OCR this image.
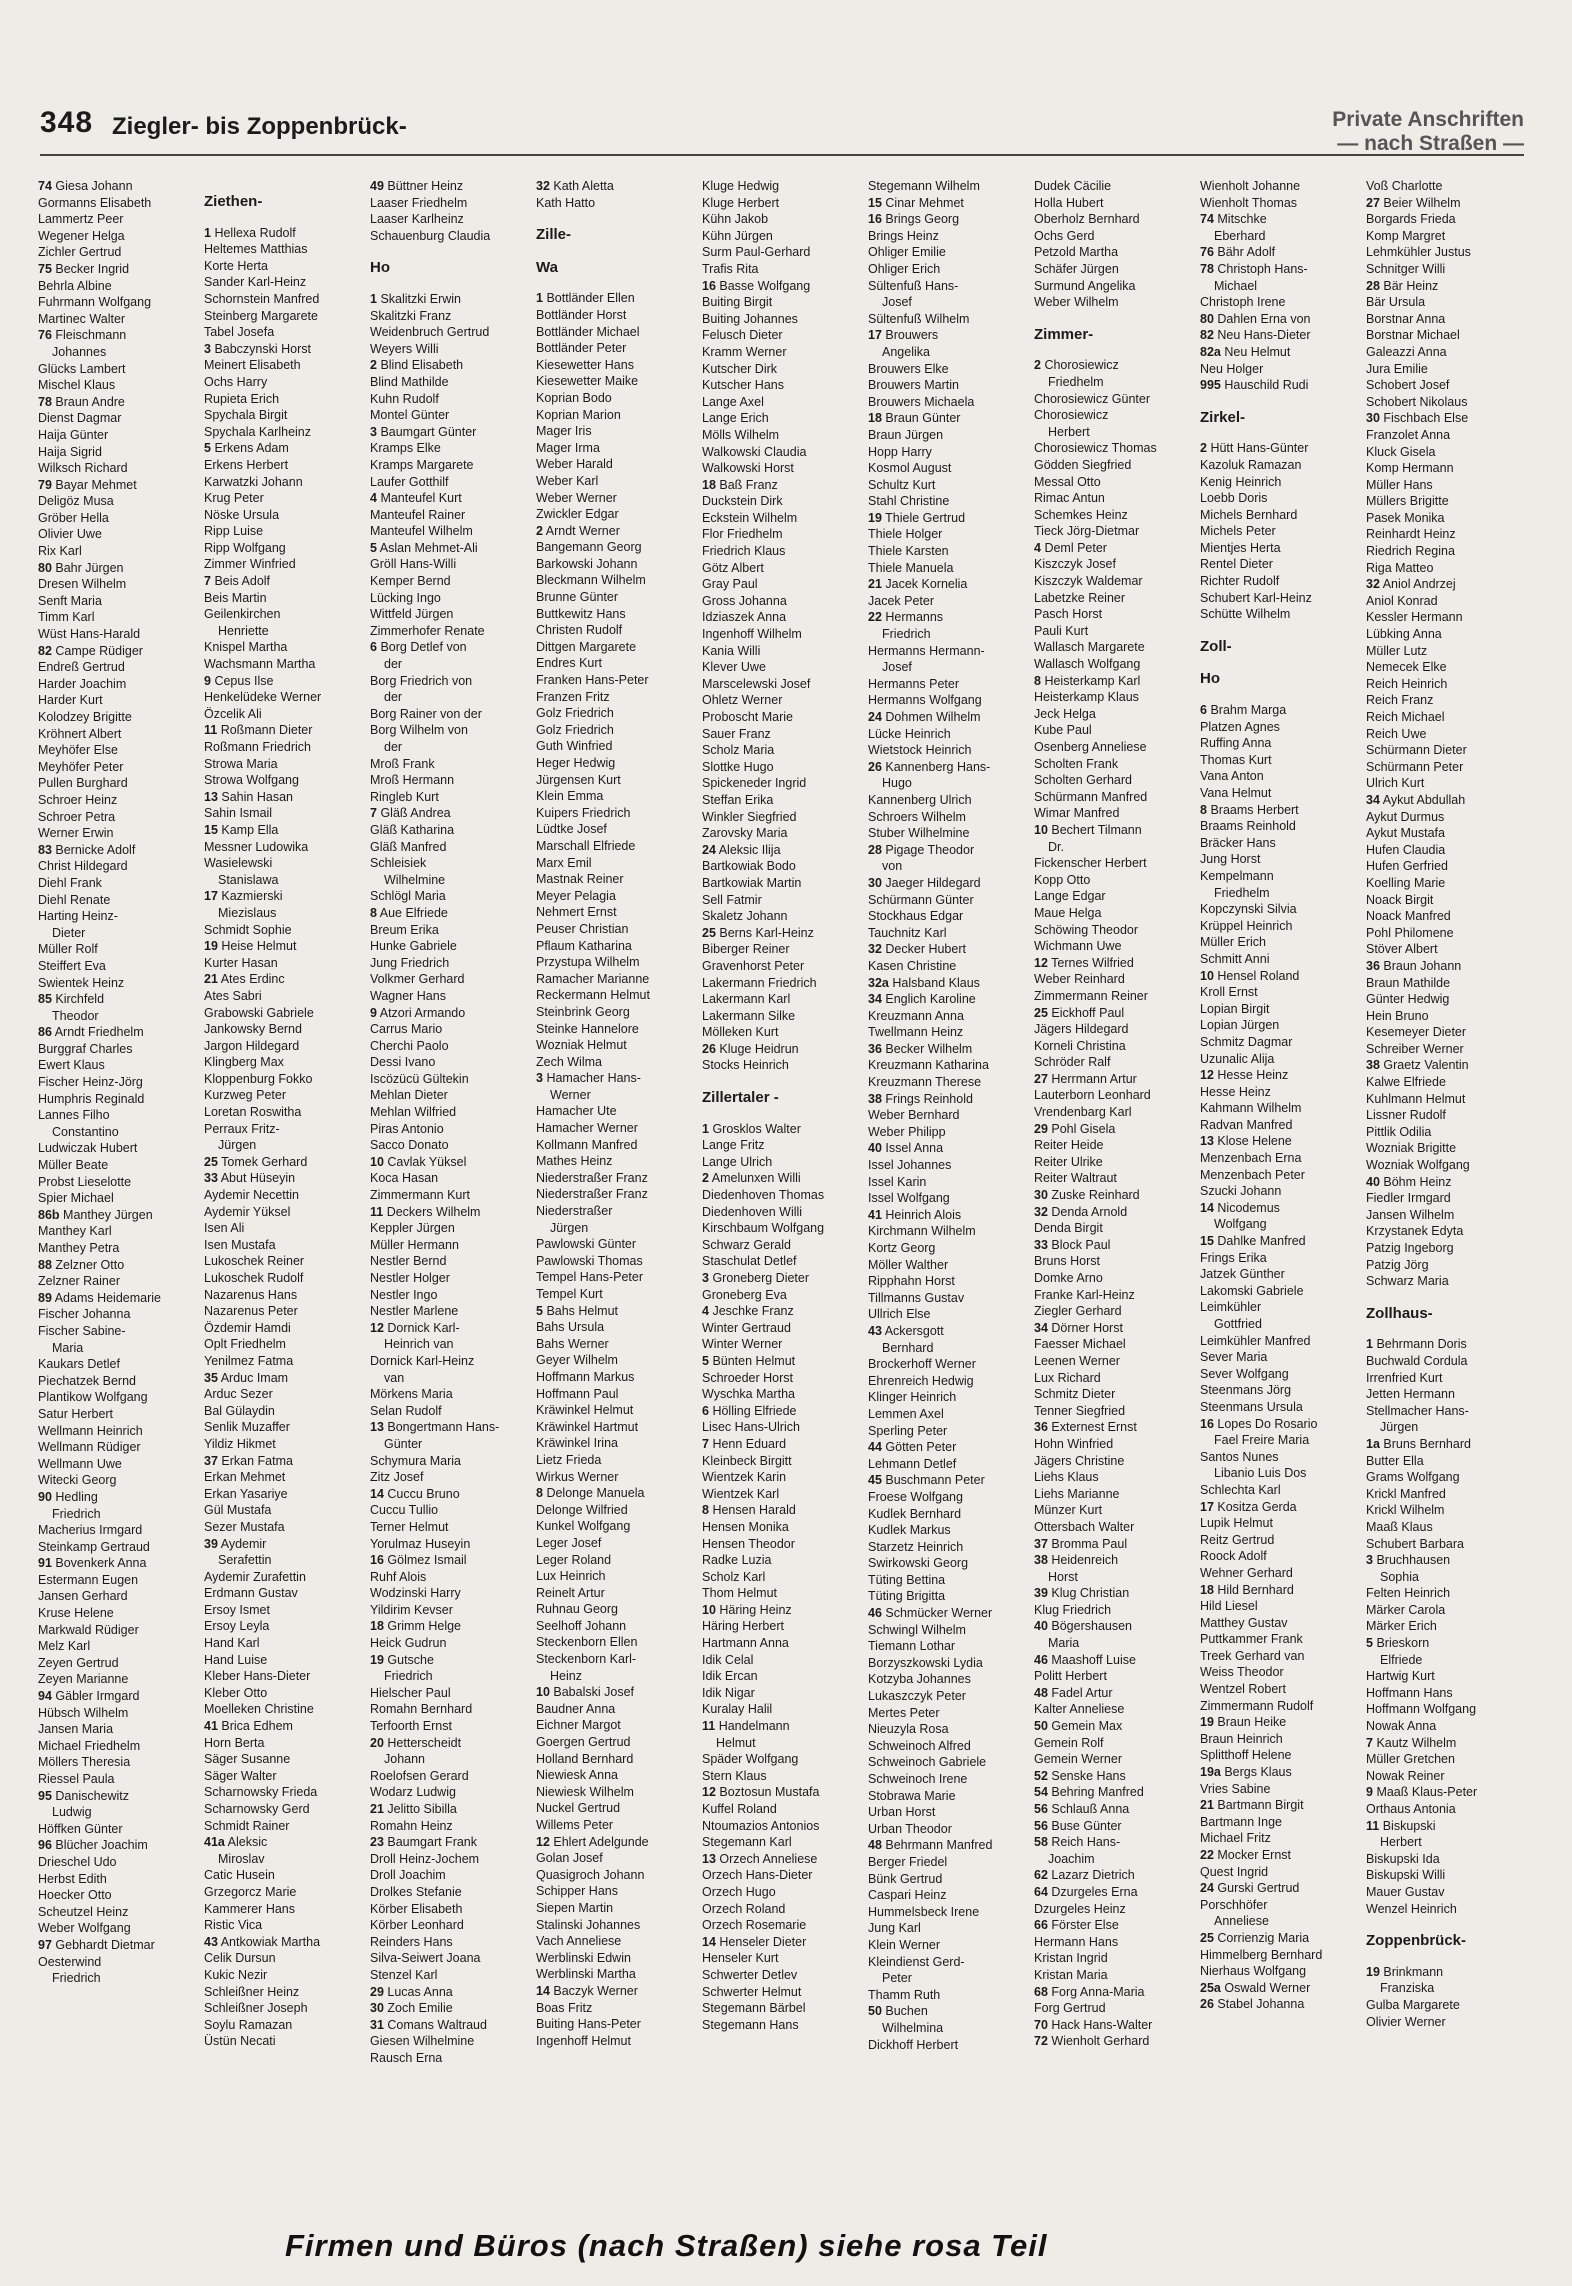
348 Ziegler- bis Zoppenbrück-	Private Anschriften
— nach Straßen —
74 Giesa Johann
Gormanns Elisabeth
Lammertz Peer
Wegener Helga
Zichler Gertrud
75 Becker Ingrid
Behrla Albine
Fuhrmann Wolfgang
Martinec Walter
76 Fleischmann
Johannes
Glücks Lambert
Mischel Klaus
78 Braun Andre
Dienst Dagmar
Haija Günter
Haija Sigrid
Wilksch Richard
79 Bayar Mehmet
Deligöz Musa
Gröber Hella
Olivier Uwe
Rix Karl
80 Bahr Jürgen
Dresen Wilhelm
Senft Maria
Timm Karl
Wüst Hans-Harald
82 Campe Rüdiger
Endreß Gertrud
Harder Joachim
Harder Kurt
Kolodzey Brigitte
Kröhnert Albert
Meyhöfer Else
Meyhöfer Peter
Pullen Burghard
Schroer Heinz
Schroer Petra
Werner Erwin
83 Bernicke Adolf
Christ Hildegard
Diehl Frank
Diehl Renate
Harting Heinz-
Dieter
Müller Rolf
Steiffert Eva
Swientek Heinz
85 Kirchfeld
Theodor
86 Arndt Friedhelm
Burggraf Charles
Ewert Klaus
Fischer Heinz-Jörg
Humphris Reginald
Lannes Filho
Constantino
Ludwiczak Hubert
Müller Beate
Probst Lieselotte
Spier Michael
86b Manthey Jürgen
Manthey Karl
Manthey Petra
88 Zelzner Otto
Zelzner Rainer
89 Adams Heidemarie
Fischer Johanna
Fischer Sabine-
Maria
Kaukars Detlef
Piechatzek Bernd
Plantikow Wolfgang
Satur Herbert
Wellmann Heinrich
Wellmann Rüdiger
Wellmann Uwe
Witecki Georg
90 Hedling
Friedrich
Macherius Irmgard
Steinkamp Gertraud
91 Bovenkerk Anna
Estermann Eugen
Jansen Gerhard
Kruse Helene
Markwald Rüdiger
Melz Karl
Zeyen Gertrud
Zeyen Marianne
94 Gäbler Irmgard
Hübsch Wilhelm
Jansen Maria
Michael Friedhelm
Möllers Theresia
Riessel Paula
95 Danischewitz
Ludwig
Höffken Günter
96 Blücher Joachim
Drieschel Udo
Herbst Edith
Hoecker Otto
Scheutzel Heinz
Weber Wolfgang
97 Gebhardt Dietmar
Oesterwind
Friedrich
Ziethen-
1 Hellexa Rudolf
Heltemes Matthias
Korte Herta
Sander Karl-Heinz
Schornstein Manfred
Steinberg Margarete
Tabel Josefa
3 Babczynski Horst
Meinert Elisabeth
Ochs Harry
Rupieta Erich
Spychala Birgit
Spychala Karlheinz
5 Erkens Adam
Erkens Herbert
Karwatzki Johann
Krug Peter
Nöske Ursula
Ripp Luise
Ripp Wolfgang
Zimmer Winfried
7 Beis Adolf
Beis Martin
Geilenkirchen
Henriette
Knispel Martha
Wachsmann Martha
9 Cepus Ilse
Henkelüdeke Werner
Özcelik Ali
11 Roßmann Dieter
Roßmann Friedrich
Strowa Maria
Strowa Wolfgang
13 Sahin Hasan
Sahin Ismail
15 Kamp Ella
Messner Ludowika
Wasielewski
Stanislawa
17 Kazmierski
Miezislaus
Schmidt Sophie
19 Heise Helmut
Kurter Hasan
21 Ates Erdinc
Ates Sabri
Grabowski Gabriele
Jankowsky Bernd
Jargon Hildegard
Klingberg Max
Kloppenburg Fokko
Kurzweg Peter
Loretan Roswitha
Perraux Fritz-
Jürgen
25 Tomek Gerhard
33 Abut Hüseyin
Aydemir Necettin
Aydemir Yüksel
Isen Ali
Isen Mustafa
Lukoschek Reiner
Lukoschek Rudolf
Nazarenus Hans
Nazarenus Peter
Özdemir Hamdi
Oplt Friedhelm
Yenilmez Fatma
35 Arduc Imam
Arduc Sezer
Bal Gülaydin
Senlik Muzaffer
Yildiz Hikmet
37 Erkan Fatma
Erkan Mehmet
Erkan Yasariye
Gül Mustafa
Sezer Mustafa
39 Aydemir
Serafettin
Aydemir Zurafettin
Erdmann Gustav
Ersoy Ismet
Ersoy Leyla
Hand Karl
Hand Luise
Kleber Hans-Dieter
Kleber Otto
Moelleken Christine
41 Brica Edhem
Horn Berta
Säger Susanne
Säger Walter
Scharnowsky Frieda
Scharnowsky Gerd
Schmidt Rainer
41a Aleksic
Miroslav
Catic Husein
Grzegorcz Marie
Kammerer Hans
Ristic Vica
43 Antkowiak Martha
Celik Dursun
Kukic Nezir
Schleißner Heinz
Schleißner Joseph
Soylu Ramazan
Üstün Necati
49 Büttner Heinz
Laaser Friedhelm
Laaser Karlheinz
Schauenburg Claudia
Ho
1 Skalitzki Erwin
Skalitzki Franz
Weidenbruch Gertrud
Weyers Willi
2 Blind Elisabeth
Blind Mathilde
Kuhn Rudolf
Montel Günter
3 Baumgart Günter
Kramps Elke
Kramps Margarete
Laufer Gotthilf
4 Manteufel Kurt
Manteufel Rainer
Manteufel Wilhelm
5 Aslan Mehmet-Ali
Gröll Hans-Willi
Kemper Bernd
Lücking Ingo
Wittfeld Jürgen
Zimmerhofer Renate
6 Borg Detlef von
der
Borg Friedrich von
der
Borg Rainer von der
Borg Wilhelm von
der
Mroß Frank
Mroß Hermann
Ringleb Kurt
7 Gläß Andrea
Gläß Katharina
Gläß Manfred
Schleisiek
Wilhelmine
Schlögl Maria
8 Aue Elfriede
Breum Erika
Hunke Gabriele
Jung Friedrich
Volkmer Gerhard
Wagner Hans
9 Atzori Armando
Carrus Mario
Cherchi Paolo
Dessi Ivano
Iscözücü Gültekin
Mehlan Dieter
Mehlan Wilfried
Piras Antonio
Sacco Donato
10 Cavlak Yüksel
Koca Hasan
Zimmermann Kurt
11 Deckers Wilhelm
Keppler Jürgen
Müller Hermann
Nestler Bernd
Nestler Holger
Nestler Ingo
Nestler Marlene
12 Dornick Karl-
Heinrich van
Dornick Karl-Heinz
van
Mörkens Maria
Selan Rudolf
13 Bongertmann Hans-
Günter
Schymura Maria
Zitz Josef
14 Cuccu Bruno
Cuccu Tullio
Terner Helmut
Yorulmaz Huseyin
16 Gölmez Ismail
Ruhf Alois
Wodzinski Harry
Yildirim Kevser
18 Grimm Helge
Heick Gudrun
19 Gutsche
Friedrich
Hielscher Paul
Romahn Bernhard
Terfoorth Ernst
20 Hetterscheidt
Johann
Roelofsen Gerard
Wodarz Ludwig
21 Jelitto Sibilla
Romahn Heinz
23 Baumgart Frank
Droll Heinz-Jochem
Droll Joachim
Drolkes Stefanie
Körber Elisabeth
Körber Leonhard
Reinders Hans
Silva-Seiwert Joana
Stenzel Karl
29 Lucas Anna
30 Zoch Emilie
31 Comans Waltraud
Giesen Wilhelmine
Rausch Erna
32 Kath Aletta
Kath Hatto
Zille-
Wa
1 Bottländer Ellen
Bottländer Horst
Bottländer Michael
Bottländer Peter
Kiesewetter Hans
Kiesewetter Maike
Koprian Bodo
Koprian Marion
Mager Iris
Mager Irma
Weber Harald
Weber Karl
Weber Werner
Zwickler Edgar
2 Arndt Werner
Bangemann Georg
Barkowski Johann
Bleckmann Wilhelm
Brunne Günter
Buttkewitz Hans
Christen Rudolf
Dittgen Margarete
Endres Kurt
Franken Hans-Peter
Franzen Fritz
Golz Friedrich
Golz Friedrich
Guth Winfried
Heger Hedwig
Jürgensen Kurt
Klein Emma
Kuipers Friedrich
Lüdtke Josef
Marschall Elfriede
Marx Emil
Mastnak Reiner
Meyer Pelagia
Nehmert Ernst
Peuser Christian
Pflaum Katharina
Przystupa Wilhelm
Ramacher Marianne
Reckermann Helmut
Steinbrink Georg
Steinke Hannelore
Wozniak Helmut
Zech Wilma
3 Hamacher Hans-
Werner
Hamacher Ute
Hamacher Werner
Kollmann Manfred
Mathes Heinz
Niederstraßer Franz
Niederstraßer Franz
Niederstraßer
Jürgen
Pawlowski Günter
Pawlowski Thomas
Tempel Hans-Peter
Tempel Kurt
5 Bahs Helmut
Bahs Ursula
Bahs Werner
Geyer Wilhelm
Hoffmann Markus
Hoffmann Paul
Kräwinkel Helmut
Kräwinkel Hartmut
Kräwinkel Irina
Lietz Frieda
Wirkus Werner
8 Delonge Manuela
Delonge Wilfried
Kunkel Wolfgang
Leger Josef
Leger Roland
Lux Heinrich
Reinelt Artur
Ruhnau Georg
Seelhoff Johann
Steckenborn Ellen
Steckenborn Karl-
Heinz
10 Babalski Josef
Baudner Anna
Eichner Margot
Goergen Gertrud
Holland Bernhard
Niewiesk Anna
Niewiesk Wilhelm
Nuckel Gertrud
Willems Peter
12 Ehlert Adelgunde
Golan Josef
Quasigroch Johann
Schipper Hans
Siepen Martin
Stalinski Johannes
Vach Anneliese
Werblinski Edwin
Werblinski Martha
14 Baczyk Werner
Boas Fritz
Buiting Hans-Peter
Ingenhoff Helmut
Kluge Hedwig
Kluge Herbert
Kühn Jakob
Kühn Jürgen
Surm Paul-Gerhard
Trafis Rita
16 Basse Wolfgang
Buiting Birgit
Buiting Johannes
Felusch Dieter
Kramm Werner
Kutscher Dirk
Kutscher Hans
Lange Axel
Lange Erich
Mölls Wilhelm
Walkowski Claudia
Walkowski Horst
18 Baß Franz
Duckstein Dirk
Eckstein Wilhelm
Flor Friedhelm
Friedrich Klaus
Götz Albert
Gray Paul
Gross Johanna
Idziaszek Anna
Ingenhoff Wilhelm
Kania Willi
Klever Uwe
Marscelewski Josef
Ohletz Werner
Proboscht Marie
Sauer Franz
Scholz Maria
Slottke Hugo
Spickeneder Ingrid
Steffan Erika
Winkler Siegfried
Zarovsky Maria
24 Aleksic Ilija
Bartkowiak Bodo
Bartkowiak Martin
Sell Fatmir
Skaletz Johann
25 Berns Karl-Heinz
Biberger Reiner
Gravenhorst Peter
Lakermann Friedrich
Lakermann Karl
Lakermann Silke
Mölleken Kurt
26 Kluge Heidrun
Stocks Heinrich
Zillertaler -
1 Grosklos Walter
Lange Fritz
Lange Ulrich
2 Amelunxen Willi
Diedenhoven Thomas
Diedenhoven Willi
Kirschbaum Wolfgang
Schwarz Gerald
Staschulat Detlef
3 Groneberg Dieter
Groneberg Eva
4 Jeschke Franz
Winter Gertraud
Winter Werner
5 Bünten Helmut
Schroeder Horst
Wyschka Martha
6 Hölling Elfriede
Lisec Hans-Ulrich
7 Henn Eduard
Kleinbeck Birgitt
Wientzek Karin
Wientzek Karl
8 Hensen Harald
Hensen Monika
Hensen Theodor
Radke Luzia
Scholz Karl
Thom Helmut
10 Häring Heinz
Häring Herbert
Hartmann Anna
Idik Celal
Idik Ercan
Idik Nigar
Kuralay Halil
11 Handelmann
Helmut
Späder Wolfgang
Stern Klaus
12 Boztosun Mustafa
Kuffel Roland
Ntoumazios Antonios
Stegemann Karl
13 Orzech Anneliese
Orzech Hans-Dieter
Orzech Hugo
Orzech Roland
Orzech Rosemarie
14 Henseler Dieter
Henseler Kurt
Schwerter Detlev
Schwerter Helmut
Stegemann Bärbel
Stegemann Hans
Stegemann Wilhelm
15 Cinar Mehmet
16 Brings Georg
Brings Heinz
Ohliger Emilie
Ohliger Erich
Sültenfuß Hans-
Josef
Sültenfuß Wilhelm
17 Brouwers
Angelika
Brouwers Elke
Brouwers Martin
Brouwers Michaela
18 Braun Günter
Braun Jürgen
Hopp Harry
Kosmol August
Schultz Kurt
Stahl Christine
19 Thiele Gertrud
Thiele Holger
Thiele Karsten
Thiele Manuela
21 Jacek Kornelia
Jacek Peter
22 Hermanns
Friedrich
Hermanns Hermann-
Josef
Hermanns Peter
Hermanns Wolfgang
24 Dohmen Wilhelm
Lücke Heinrich
Wietstock Heinrich
26 Kannenberg Hans-
Hugo
Kannenberg Ulrich
Schroers Wilhelm
Stuber Wilhelmine
28 Pigage Theodor
von
30 Jaeger Hildegard
Schürmann Günter
Stockhaus Edgar
Tauchnitz Karl
32 Decker Hubert
Kasen Christine
32a Halsband Klaus
34 Englich Karoline
Kreuzmann Anna
Twellmann Heinz
36 Becker Wilhelm
Kreuzmann Katharina
Kreuzmann Therese
38 Frings Reinhold
Weber Bernhard
Weber Philipp
40 Issel Anna
Issel Johannes
Issel Karin
Issel Wolfgang
41 Heinrich Alois
Kirchmann Wilhelm
Kortz Georg
Möller Walther
Ripphahn Horst
Tillmanns Gustav
Ullrich Else
43 Ackersgott
Bernhard
Brockerhoff Werner
Ehrenreich Hedwig
Klinger Heinrich
Lemmen Axel
Sperling Peter
44 Götten Peter
Lehmann Detlef
45 Buschmann Peter
Froese Wolfgang
Kudlek Bernhard
Kudlek Markus
Starzetz Heinrich
Swirkowski Georg
Tüting Bettina
Tüting Brigitta
46 Schmücker Werner
Schwingl Wilhelm
Tiemann Lothar
Borzyszkowski Lydia
Kotzyba Johannes
Lukaszczyk Peter
Mertes Peter
Nieuzyla Rosa
Schweinoch Alfred
Schweinoch Gabriele
Schweinoch Irene
Stobrawa Marie
Urban Horst
Urban Theodor
48 Behrmann Manfred
Berger Friedel
Bünk Gertrud
Caspari Heinz
Hummelsbeck Irene
Jung Karl
Klein Werner
Kleindienst Gerd-
Peter
Thamm Ruth
50 Buchen
Wilhelmina
Dickhoff Herbert
Dudek Cäcilie
Holla Hubert
Oberholz Bernhard
Ochs Gerd
Petzold Martha
Schäfer Jürgen
Surmund Angelika
Weber Wilhelm
Zimmer-
2 Chorosiewicz
Friedhelm
Chorosiewicz Günter
Chorosiewicz
Herbert
Chorosiewicz Thomas
Gödden Siegfried
Messal Otto
Rimac Antun
Schemkes Heinz
Tieck Jörg-Dietmar
4 Deml Peter
Kiszczyk Josef
Kiszczyk Waldemar
Labetzke Reiner
Pasch Horst
Pauli Kurt
Wallasch Margarete
Wallasch Wolfgang
8 Heisterkamp Karl
Heisterkamp Klaus
Jeck Helga
Kube Paul
Osenberg Anneliese
Scholten Frank
Scholten Gerhard
Schürmann Manfred
Wimar Manfred
10 Bechert Tilmann
Dr.
Fickenscher Herbert
Kopp Otto
Lange Edgar
Maue Helga
Schöwing Theodor
Wichmann Uwe
12 Ternes Wilfried
Weber Reinhard
Zimmermann Reiner
25 Eickhoff Paul
Jägers Hildegard
Korneli Christina
Schröder Ralf
27 Herrmann Artur
Lauterborn Leonhard
Vrendenbarg Karl
29 Pohl Gisela
Reiter Heide
Reiter Ulrike
Reiter Waltraut
30 Zuske Reinhard
32 Denda Arnold
Denda Birgit
33 Block Paul
Bruns Horst
Domke Arno
Franke Karl-Heinz
Ziegler Gerhard
34 Dörner Horst
Faesser Michael
Leenen Werner
Lux Richard
Schmitz Dieter
Tenner Siegfried
36 Externest Ernst
Hohn Winfried
Jägers Christine
Liehs Klaus
Liehs Marianne
Münzer Kurt
Ottersbach Walter
37 Bromma Paul
38 Heidenreich
Horst
39 Klug Christian
Klug Friedrich
40 Bögershausen
Maria
46 Maashoff Luise
Politt Herbert
48 Fadel Artur
Kalter Anneliese
50 Gemein Max
Gemein Rolf
Gemein Werner
52 Senske Hans
54 Behring Manfred
56 Schlauß Anna
56 Buse Günter
58 Reich Hans-
Joachim
62 Lazarz Dietrich
64 Dzurgeles Erna
Dzurgeles Heinz
66 Förster Else
Hermann Hans
Kristan Ingrid
Kristan Maria
68 Forg Anna-Maria
Forg Gertrud
70 Hack Hans-Walter
72 Wienholt Gerhard
Wienholt Johanne
Wienholt Thomas
74 Mitschke
Eberhard
76 Bähr Adolf
78 Christoph Hans-
Michael
Christoph Irene
80 Dahlen Erna von
82 Neu Hans-Dieter
82a Neu Helmut
Neu Holger
995 Hauschild Rudi
Zirkel-
2 Hütt Hans-Günter
Kazoluk Ramazan
Kenig Heinrich
Loebb Doris
Michels Bernhard
Michels Peter
Mientjes Herta
Rentel Dieter
Richter Rudolf
Schubert Karl-Heinz
Schütte Wilhelm
Zoll-
Ho
6 Brahm Marga
Platzen Agnes
Ruffing Anna
Thomas Kurt
Vana Anton
Vana Helmut
8 Braams Herbert
Braams Reinhold
Bräcker Hans
Jung Horst
Kempelmann
Friedhelm
Kopczynski Silvia
Krüppel Heinrich
Müller Erich
Schmitt Anni
10 Hensel Roland
Kroll Ernst
Lopian Birgit
Lopian Jürgen
Schmitz Dagmar
Uzunalic Alija
12 Hesse Heinz
Hesse Heinz
Kahmann Wilhelm
Radvan Manfred
13 Klose Helene
Menzenbach Erna
Menzenbach Peter
Szucki Johann
14 Nicodemus
Wolfgang
15 Dahlke Manfred
Frings Erika
Jatzek Günther
Lakomski Gabriele
Leimkühler
Gottfried
Leimkühler Manfred
Sever Maria
Sever Wolfgang
Steenmans Jörg
Steenmans Ursula
16 Lopes Do Rosario
Fael Freire Maria
Santos Nunes
Libanio Luis Dos
Schlechta Karl
17 Kositza Gerda
Lupik Helmut
Reitz Gertrud
Roock Adolf
Wehner Gerhard
18 Hild Bernhard
Hild Liesel
Matthey Gustav
Puttkammer Frank
Treek Gerhard van
Weiss Theodor
Wentzel Robert
Zimmermann Rudolf
19 Braun Heike
Braun Heinrich
Splitthoff Helene
19a Bergs Klaus
Vries Sabine
21 Bartmann Birgit
Bartmann Inge
Michael Fritz
22 Mocker Ernst
Quest Ingrid
24 Gurski Gertrud
Porschhöfer
Anneliese
25 Corrienzig Maria
Himmelberg Bernhard
Nierhaus Wolfgang
25a Oswald Werner
26 Stabel Johanna
Voß Charlotte
27 Beier Wilhelm
Borgards Frieda
Komp Margret
Lehmkühler Justus
Schnitger Willi
28 Bär Heinz
Bär Ursula
Borstnar Anna
Borstnar Michael
Galeazzi Anna
Jura Emilie
Schobert Josef
Schobert Nikolaus
30 Fischbach Else
Franzolet Anna
Kluck Gisela
Komp Hermann
Müller Hans
Müllers Brigitte
Pasek Monika
Reinhardt Heinz
Riedrich Regina
Riga Matteo
32 Aniol Andrzej
Aniol Konrad
Kessler Hermann
Lübking Anna
Müller Lutz
Nemecek Elke
Reich Heinrich
Reich Franz
Reich Michael
Reich Uwe
Schürmann Dieter
Schürmann Peter
Ulrich Kurt
34 Aykut Abdullah
Aykut Durmus
Aykut Mustafa
Hufen Claudia
Hufen Gerfried
Koelling Marie
Noack Birgit
Noack Manfred
Pohl Philomene
Stöver Albert
36 Braun Johann
Braun Mathilde
Günter Hedwig
Hein Bruno
Kesemeyer Dieter
Schreiber Werner
38 Graetz Valentin
Kalwe Elfriede
Kuhlmann Helmut
Lissner Rudolf
Pittlik Odilia
Wozniak Brigitte
Wozniak Wolfgang
40 Böhm Heinz
Fiedler Irmgard
Jansen Wilhelm
Krzystanek Edyta
Patzig Ingeborg
Patzig Jörg
Schwarz Maria
Zollhaus-
1 Behrmann Doris
Buchwald Cordula
Irrenfried Kurt
Jetten Hermann
Stellmacher Hans-
Jürgen
1a Bruns Bernhard
Butter Ella
Grams Wolfgang
Krickl Manfred
Krickl Wilhelm
Maaß Klaus
Schubert Barbara
3 Bruchhausen
Sophia
Felten Heinrich
Märker Carola
Märker Erich
5 Brieskorn
Elfriede
Hartwig Kurt
Hoffmann Hans
Hoffmann Wolfgang
Nowak Anna
7 Kautz Wilhelm
Müller Gretchen
Nowak Reiner
9 Maaß Klaus-Peter
Orthaus Antonia
11 Biskupski
Herbert
Biskupski Ida
Biskupski Willi
Mauer Gustav
Wenzel Heinrich
Zoppenbrück-
19 Brinkmann
Franziska
Gulba Margarete
Olivier Werner
Firmen und Büros (nach Straßen) siehe rosa Teil
